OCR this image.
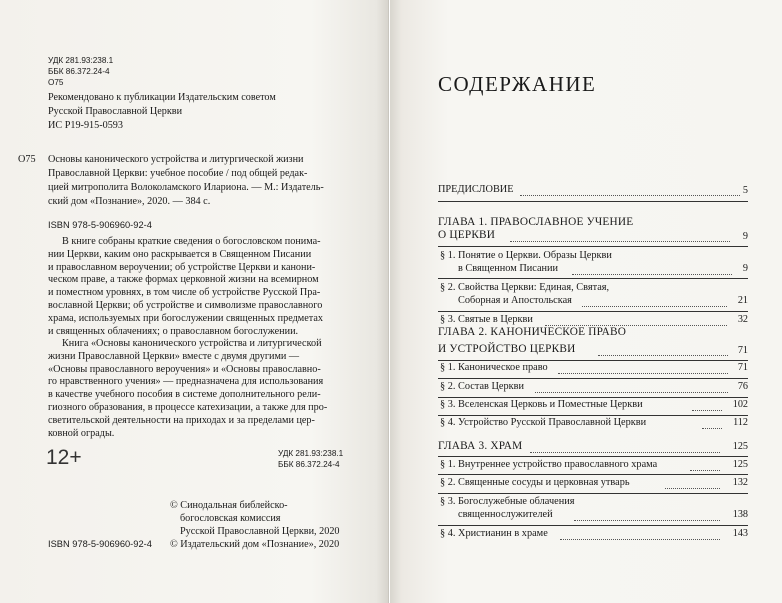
УДК 281.93:238.1
ББК 86.372.24-4
О75
Рекомендовано к публикации Издательским советом
Русской Православной Церкви
ИС Р19-915-0593
О75 Основы канонического устройства и литургической жизни
Православной Церкви: учебное пособие / под общей редак-
цией митрополита Волоколамского Илариона. — М.: Издатель-
ский дом «Познание», 2020. — 384 с.
ISBN 978-5-906960-92-4
В книге собраны краткие сведения о богословском понима-
нии Церкви, каким оно раскрывается в Священном Писании
и православном вероучении; об устройстве Церкви и канони-
ческом праве, а также формах церковной жизни на всемирном
и поместном уровнях, в том числе об устройстве Русской Пра-
вославной Церкви; об устройстве и символизме православного
храма, используемых при богослужении священных предметах
и священных облачениях; о православном богослужении.
Книга «Основы канонического устройства и литургической
жизни Православной Церкви» вместе с двумя другими —
«Основы православного вероучения» и «Основы православно-
го нравственного учения» — предназначена для использования
в качестве учебного пособия в системе дополнительного рели-
гиозного образования, в процессе катехизации, а также для про-
светительской деятельности на приходах и за пределами цер-
ковной ограды.
12+	УДК 281.93:238.1
ББК 86.372.24-4
© Синодальная библейско-
богословская комиссия
Русской Православной Церкви, 2020
ISBN 978-5-906960-92-4 © Издательский дом «Познание», 2020
СОДЕРЖАНИЕ
ПРЕДИСЛОВИЕ	5
ГЛАВА 1. ПРАВОСЛАВНОЕ УЧЕНИЕ
О ЦЕРКВИ	9
§ 1. Понятие о Церкви. Образы Церкви
в Священном Писании	9
§ 2. Свойства Церкви: Единая, Святая,
Соборная и Апостольская	21
§ 3. Святые в Церкви	32
ГЛАВА 2. КАНОНИЧЕСКОЕ ПРАВО
И УСТРОЙСТВО ЦЕРКВИ	71
§ 1. Каноническое право	71
§ 2. Состав Церкви	76
§ 3. Вселенская Церковь и Поместные Церкви	102
§ 4. Устройство Русской Православной Церкви	112
ГЛАВА 3. ХРАМ	125
§ 1. Внутреннее устройство православного храма	125
§ 2. Священные сосуды и церковная утварь	132
§ 3. Богослужебные облачения
священнослужителей	138
§ 4. Христианин в храме	143
